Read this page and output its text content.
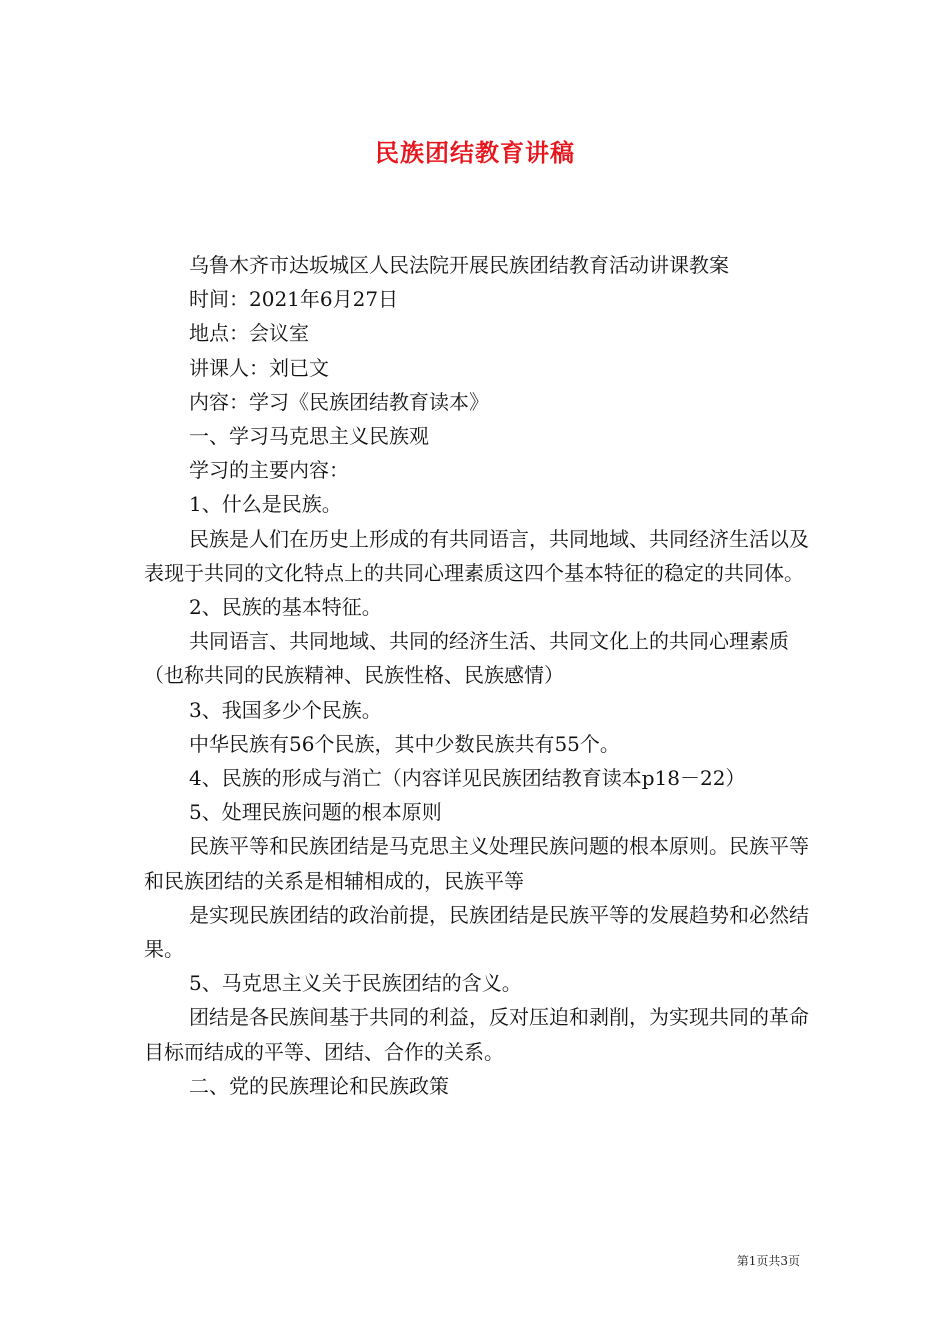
民族团结教育讲稿

乌鲁木齐市达坂城区人民法院开展民族团结教育活动讲课教案

时间：2021年6月27日

地点：会议室

讲课人：刘已文

内容：学习《民族团结教育读本》

一、学习马克思主义民族观

学习的主要内容：

1、什么是民族。

民族是人们在历史上形成的有共同语言，共同地域、共同经济生活以及表现于共同的文化特点上的共同心理素质这四个基本特征的稳定的共同体。

2、民族的基本特征。

共同语言、共同地域、共同的经济生活、共同文化上的共同心理素质（也称共同的民族精神、民族性格、民族感情）

3、我国多少个民族。

中华民族有56个民族，其中少数民族共有55个。

4、民族的形成与消亡（内容详见民族团结教育读本p18－22）

5、处理民族问题的根本原则

民族平等和民族团结是马克思主义处理民族问题的根本原则。民族平等和民族团结的关系是相辅相成的，民族平等

是实现民族团结的政治前提，民族团结是民族平等的发展趋势和必然结果。

5、马克思主义关于民族团结的含义。

团结是各民族间基于共同的利益，反对压迫和剥削，为实现共同的革命目标而结成的平等、团结、合作的关系。

二、党的民族理论和民族政策

第1页共3页
